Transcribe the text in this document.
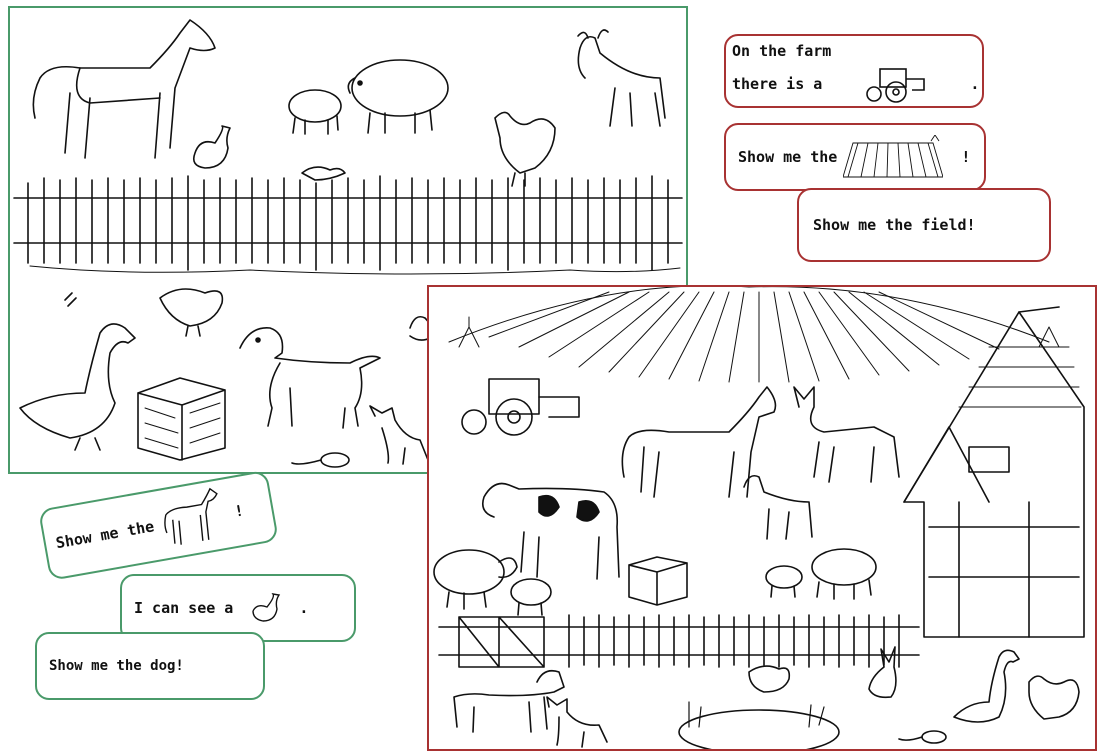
On the farm
there is a	.
Show me the	!
Show me the field!
Show me the
!
I can see a	.
Show me the dog!
